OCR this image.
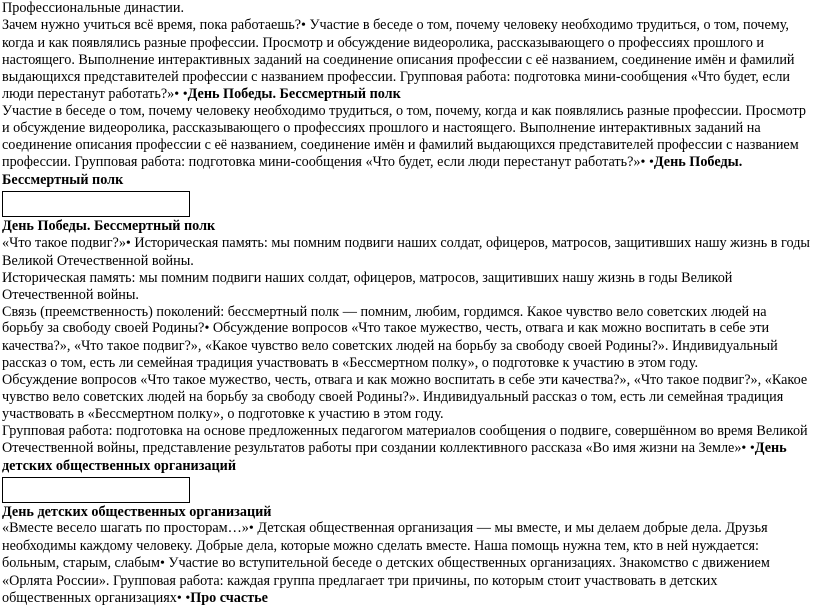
Профессиональные династии.

Зачем нужно учиться всё время, пока работаешь?• Участие в беседе о том, почему человеку необходимо трудиться, о том, почему, когда и как появлялись разные профессии. Просмотр и обсуждение видеоролика, рассказывающего о профессиях прошлого и настоящего. Выполнение интерактивных заданий на соединение описания профессии с её названием, соединение имён и фамилий выдающихся представителей профессии с названием профессии. Групповая работа: подготовка мини-сообщения «Что будет, если люди перестанут работать?»• •День Победы. Бессмертный полк

Участие в беседе о том, почему человеку необходимо трудиться, о том, почему, когда и как появлялись разные профессии. Просмотр и обсуждение видеоролика, рассказывающего о профессиях прошлого и настоящего. Выполнение интерактивных заданий на соединение описания профессии с её названием, соединение имён и фамилий выдающихся представителей профессии с названием профессии. Групповая работа: подготовка мини-сообщения «Что будет, если люди перестанут работать?»• •День Победы. Бессмертный полк

День Победы. Бессмертный полк

«Что такое подвиг?»• Историческая память: мы помним подвиги наших солдат, офицеров, матросов, защитивших нашу жизнь в годы Великой Отечественной войны.

Историческая память: мы помним подвиги наших солдат, офицеров, матросов, защитивших нашу жизнь в годы Великой Отечественной войны.

Связь (преемственность) поколений: бессмертный полк — помним, любим, гордимся. Какое чувство вело советских людей на борьбу за свободу своей Родины?• Обсуждение вопросов «Что такое мужество, честь, отвага и как можно воспитать в себе эти качества?», «Что такое подвиг?», «Какое чувство вело советских людей на борьбу за свободу своей Родины?». Индивидуальный рассказ о том, есть ли семейная традиция участвовать в «Бессмертном полку», о подготовке к участию в этом году.

Обсуждение вопросов «Что такое мужество, честь, отвага и как можно воспитать в себе эти качества?», «Что такое подвиг?», «Какое чувство вело советских людей на борьбу за свободу своей Родины?». Индивидуальный рассказ о том, есть ли семейная традиция участвовать в «Бессмертном полку», о подготовке к участию в этом году.

Групповая работа: подготовка на основе предложенных педагогом материалов сообщения о подвиге, совершённом во время Великой Отечественной войны, представление результатов работы при создании коллективного рассказа «Во имя жизни на Земле»• •День детских общественных организаций

День детских общественных организаций

«Вместе весело шагать по просторам…»• Детская общественная организация — мы вместе, и мы делаем добрые дела. Друзья необходимы каждому человеку. Добрые дела, которые можно сделать вместе. Наша помощь нужна тем, кто в ней нуждается: больным, старым, слабым• Участие во вступительной беседе о детских общественных организациях. Знакомство с движением «Орлята России». Групповая работа: каждая группа предлагает три причины, по которым стоит участвовать в детских общественных организациях• •Про счастье
